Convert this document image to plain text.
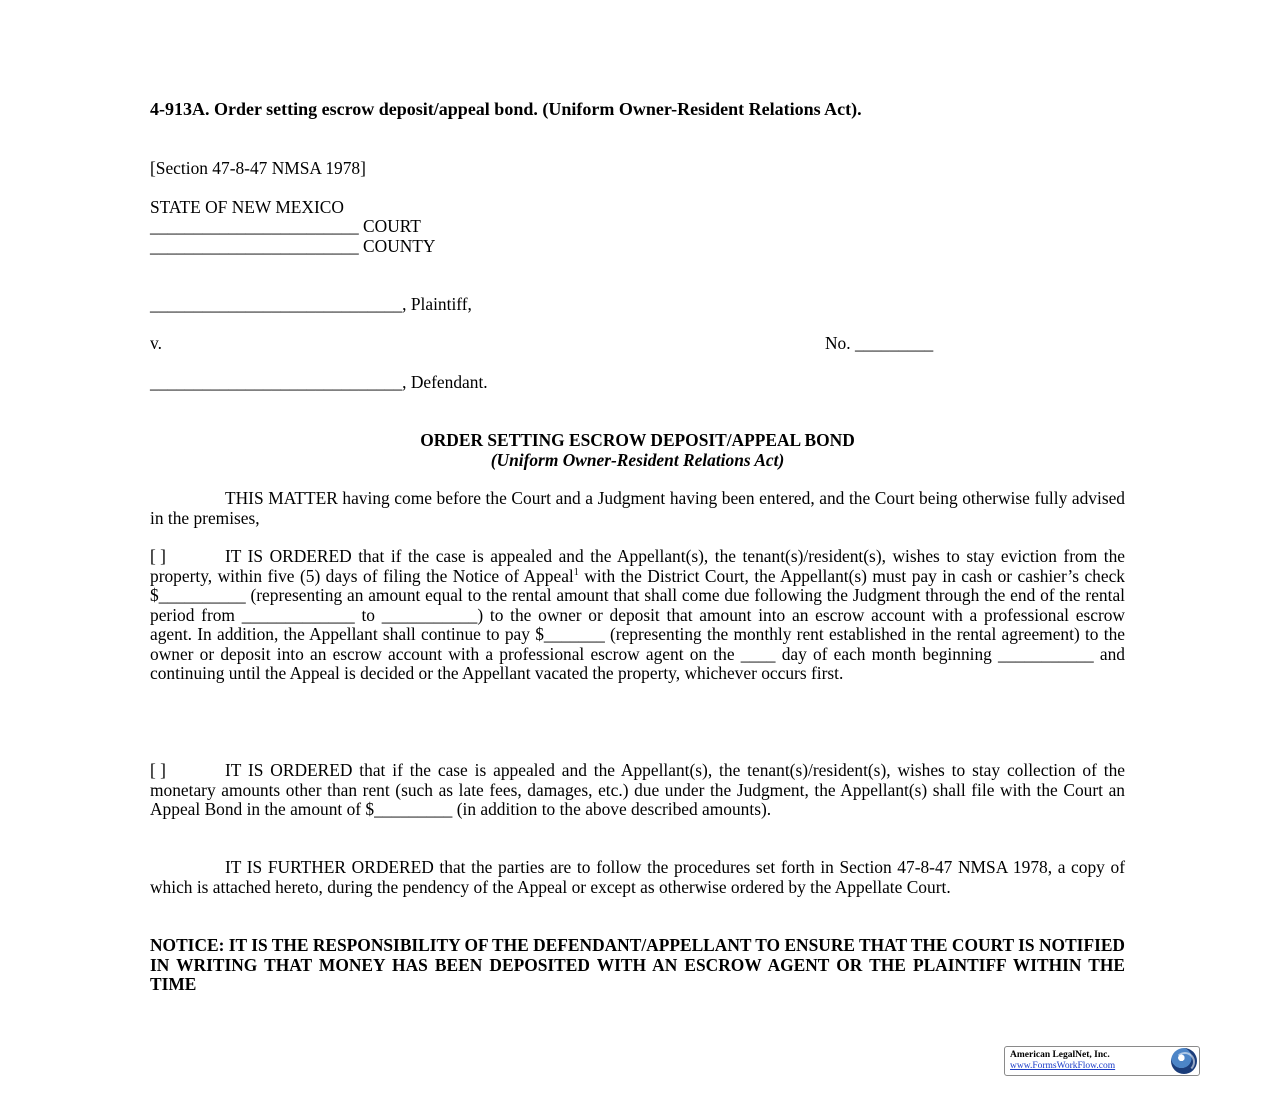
4-913A. Order setting escrow deposit/appeal bond. (Uniform Owner-Resident Relations Act).
[Section 47-8-47 NMSA 1978]
STATE OF NEW MEXICO
________________________ COURT
________________________ COUNTY
_____________________________, Plaintiff,
v.	No. _________
_____________________________, Defendant.
ORDER SETTING ESCROW DEPOSIT/APPEAL BOND
(Uniform Owner-Resident Relations Act)
THIS MATTER having come before the Court and a Judgment having been entered, and the Court being otherwise fully advised in the premises,
[ ]	IT IS ORDERED that if the case is appealed and the Appellant(s), the tenant(s)/resident(s), wishes to stay eviction from the property, within five (5) days of filing the Notice of Appeal$^1$ with the District Court, the Appellant(s) must pay in cash or cashier’s check $__________ (representing an amount equal to the rental amount that shall come due following the Judgment through the end of the rental period from _____________ to ___________) to the owner or deposit that amount into an escrow account with a professional escrow agent. In addition, the Appellant shall continue to pay $_______ (representing the monthly rent established in the rental agreement) to the owner or deposit into an escrow account with a professional escrow agent on the ____ day of each month beginning ___________ and continuing until the Appeal is decided or the Appellant vacated the property, whichever occurs first.
[ ]	IT IS ORDERED that if the case is appealed and the Appellant(s), the tenant(s)/resident(s), wishes to stay collection of the monetary amounts other than rent (such as late fees, damages, etc.) due under the Judgment, the Appellant(s) shall file with the Court an Appeal Bond in the amount of $_________ (in addition to the above described amounts).
IT IS FURTHER ORDERED that the parties are to follow the procedures set forth in Section 47-8-47 NMSA 1978, a copy of which is attached hereto, during the pendency of the Appeal or except as otherwise ordered by the Appellate Court.
NOTICE: IT IS THE RESPONSIBILITY OF THE DEFENDANT/APPELLANT TO ENSURE THAT THE COURT IS NOTIFIED IN WRITING THAT MONEY HAS BEEN DEPOSITED WITH AN ESCROW AGENT OR THE PLAINTIFF WITHIN THE TIME
American LegalNet, Inc.
www.FormsWorkFlow.com
